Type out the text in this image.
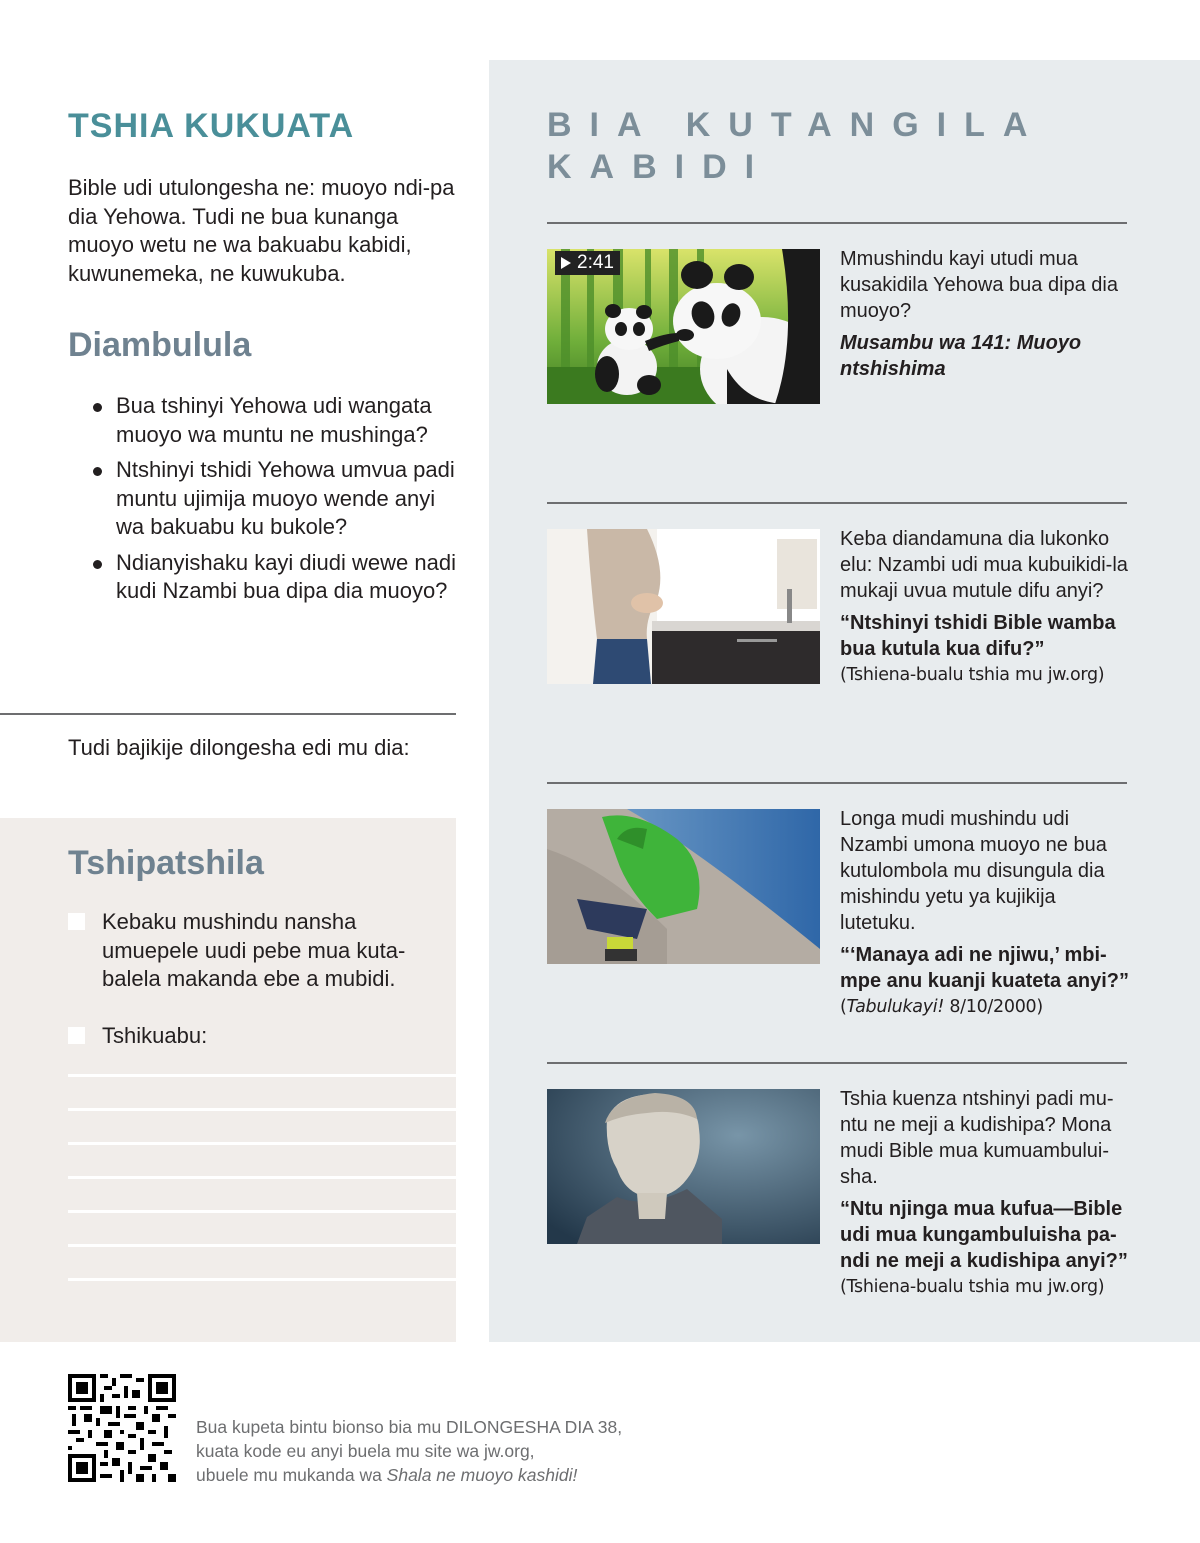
TSHIA KUKUATA

Bible udi utulongesha ne: muoyo ndi-pa dia Yehowa. Tudi ne bua kunanga muoyo wetu ne wa bakuabu kabidi, kuwunemeka, ne kuwukuba.

Diambulula
Bua tshinyi Yehowa udi wangata muoyo wa muntu ne mushinga?
Ntshinyi tshidi Yehowa umvua padi muntu ujimija muoyo wende anyi wa bakuabu ku bukole?
Ndianyishaku kayi diudi wewe nadi kudi Nzambi bua dipa dia muoyo?

Tudi bajikije dilongesha edi mu dia:

Tshipatshila
Kebaku mushindu nansha umuepele uudi pebe mua kuta-balela makanda ebe a mubidi.
Tshikuabu:
BIA KUTANGILA KABIDI
2:41	Mmushindu kayi utudi mua kusakidila Yehowa bua dipa dia muoyo?

Musambu wa 141: Muoyo ntshishima

Keba diandamuna dia lukonko elu: Nzambi udi mua kubuikidi-la mukaji uvua mutule difu anyi?

“Ntshinyi tshidi Bible wamba bua kutula kua difu?”

(Tshiena-bualu tshia mu jw.org)

Longa mudi mushindu udi Nzambi umona muoyo ne bua kutulombola mu disungula dia mishindu yetu ya kujikija lutetuku.

“‘Manaya adi ne njiwu,’ mbi-mpe anu kuanji kuateta anyi?”

(Tabulukayi! 8/10/2000)

Tshia kuenza ntshinyi padi mu-ntu ne meji a kudishipa? Mona mudi Bible mua kumuambului-sha.

“Ntu njinga mua kufua—Bible udi mua kungambuluisha pa-ndi ne meji a kudishipa anyi?”

(Tshiena-bualu tshia mu jw.org)

Bua kupeta bintu bionso bia mu DILONGESHA DIA 38,

kuata kode eu anyi buela mu site wa jw.org,

ubuele mu mukanda wa Shala ne muoyo kashidi!
